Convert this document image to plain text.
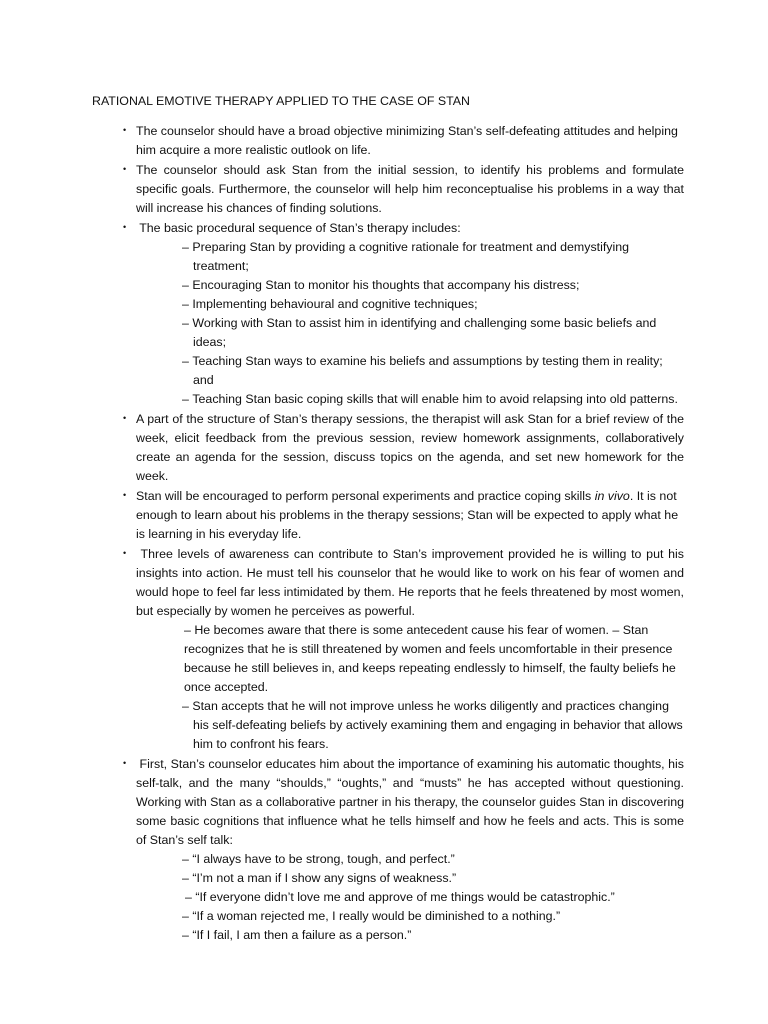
RATIONAL EMOTIVE THERAPY APPLIED TO THE CASE OF STAN

• The counselor should have a broad objective minimizing Stan’s self-defeating attitudes and helping him acquire a more realistic outlook on life.
• The counselor should ask Stan from the initial session, to identify his problems and formulate specific goals. Furthermore, the counselor will help him reconceptualise his problems in a way that will increase his chances of finding solutions.
• The basic procedural sequence of Stan’s therapy includes:
– Preparing Stan by providing a cognitive rationale for treatment and demystifying treatment;
– Encouraging Stan to monitor his thoughts that accompany his distress;
– Implementing behavioural and cognitive techniques;
– Working with Stan to assist him in identifying and challenging some basic beliefs and ideas;
– Teaching Stan ways to examine his beliefs and assumptions by testing them in reality; and
– Teaching Stan basic coping skills that will enable him to avoid relapsing into old patterns.
• A part of the structure of Stan’s therapy sessions, the therapist will ask Stan for a brief review of the week, elicit feedback from the previous session, review homework assignments, collaboratively create an agenda for the session, discuss topics on the agenda, and set new homework for the week.
• Stan will be encouraged to perform personal experiments and practice coping skills in vivo. It is not enough to learn about his problems in the therapy sessions; Stan will be expected to apply what he is learning in his everyday life.
• Three levels of awareness can contribute to Stan’s improvement provided he is willing to put his insights into action. He must tell his counselor that he would like to work on his fear of women and would hope to feel far less intimidated by them. He reports that he feels threatened by most women, but especially by women he perceives as powerful.
– He becomes aware that there is some antecedent cause his fear of women. – Stan recognizes that he is still threatened by women and feels uncomfortable in their presence because he still believes in, and keeps repeating endlessly to himself, the faulty beliefs he once accepted.
– Stan accepts that he will not improve unless he works diligently and practices changing his self-defeating beliefs by actively examining them and engaging in behavior that allows him to confront his fears.
• First, Stan’s counselor educates him about the importance of examining his automatic thoughts, his self-talk, and the many “shoulds,” “oughts,” and “musts” he has accepted without questioning. Working with Stan as a collaborative partner in his therapy, the counselor guides Stan in discovering some basic cognitions that influence what he tells himself and how he feels and acts. This is some of Stan’s self talk:
– “I always have to be strong, tough, and perfect.”
– “I’m not a man if I show any signs of weakness.”
– “If everyone didn’t love me and approve of me things would be catastrophic.”
– “If a woman rejected me, I really would be diminished to a nothing.”
– “If I fail, I am then a failure as a person.”
